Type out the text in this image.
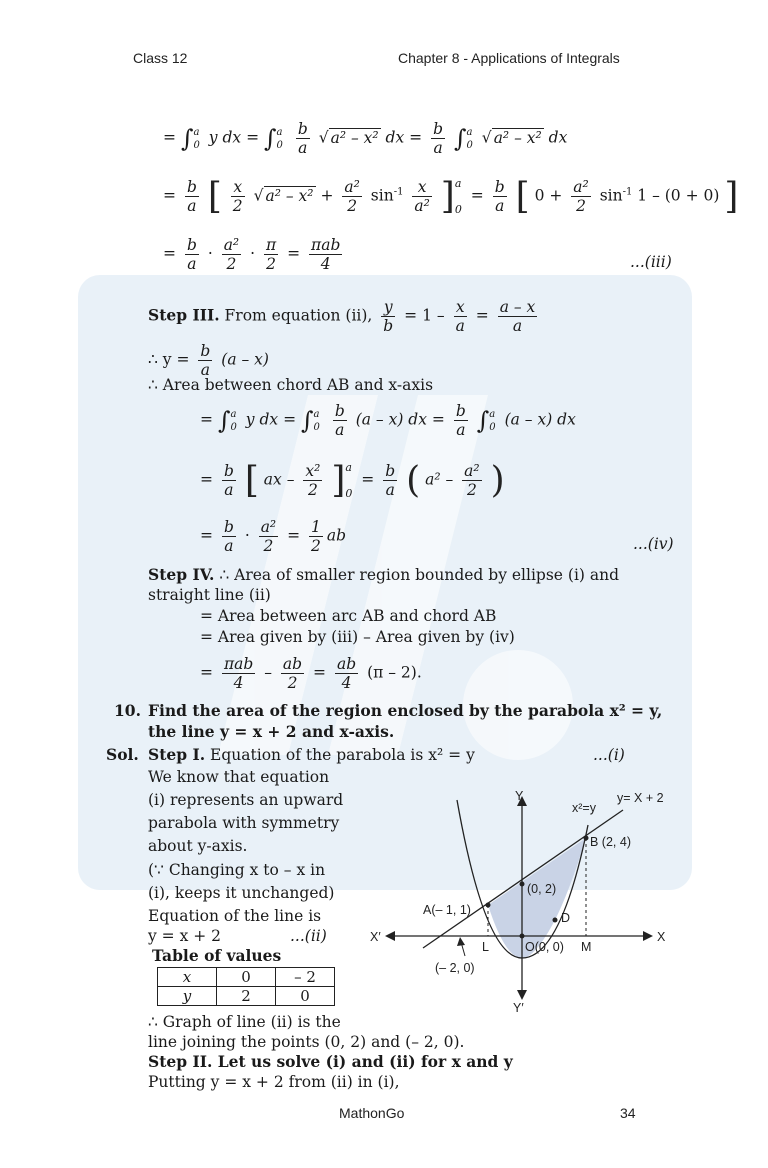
Class 12	Chapter 8 - Applications of Integrals
= ∫a
0 y dx = ∫a
$0 \frac{b}{a}$ √ a² – x² dx = $\frac{b}{a} \int a$
0 √ a² – x² dx
= $\frac{b}{a}$ [ $\frac{x}{2}$ √ $a^2 - x^2 + \frac{\text{a²}}{2} \sin^{-1} \frac{x}{\text{a²}} ]a$

$0 = \frac{b}{a}$ [ $0 + \frac{\text{a²}}{2} \sin^{-1} 1 - (0 + 0)$ ]
= $\frac{b}{a} \cdot \frac{\text{a²}}{2} \cdot \frac{\pi}{2} = \frac{\text{πab}}{4}$	...(iii)
Step III. From equation (ii), $\frac{y}{b} = 1 - \frac{x}{a} = \frac{a - x}{a}$
∴ $y = \frac{b}{a} (a - x)$
∴ Area between chord AB and x-axis
= ∫a
0 y dx = ∫a
$0 \frac{b}{a} (a - x)$ dx = $\frac{b}{a} \int a$
0 (a – x) dx
= $\frac{b}{a}$ [ ax – $\frac{\text{x²}}{2} ]a$

$0 = \frac{b}{a}$ ( $a^2 - \frac{\text{a²}}{2}$ )
= $\frac{b}{a} \cdot \frac{\text{a²}}{2} = \frac{1}{2}$ ab	...(iv)
Step IV. ∴ Area of smaller region bounded by ellipse (i) and
straight line (ii)
= Area between arc AB and chord AB
= Area given by (iii) – Area given by (iv)
= $\frac{\text{πab}}{4} - \frac{ab}{2} = \frac{ab}{4} (\pi - 2)$.
10. Find the area of the region enclosed by the parabola x² = y,
the line y = x + 2 and x-axis.
Sol. Step I. Equation of the parabola is x² = y	...(i)
We know that equation
(i) represents an upward
parabola with symmetry
about y-axis.
(∵ Changing x to – x in
(i), keeps it unchanged)
Equation of the line is
y = x + 2	...(ii)
Table of values
x	0	– 2
y	2	0
∴ Graph of line (ii) is the
line joining the points (0, 2) and (– 2, 0).
Step II. Let us solve (i) and (ii) for x and y
Putting y = x + 2 from (ii) in (i),
Y
Y′
X
X′
y= X + 2
x²=y
B (2, 4)
A(– 1, 1)
(0, 2)
D
L	O(0, 0) M
(– 2, 0)
MathonGo	34
